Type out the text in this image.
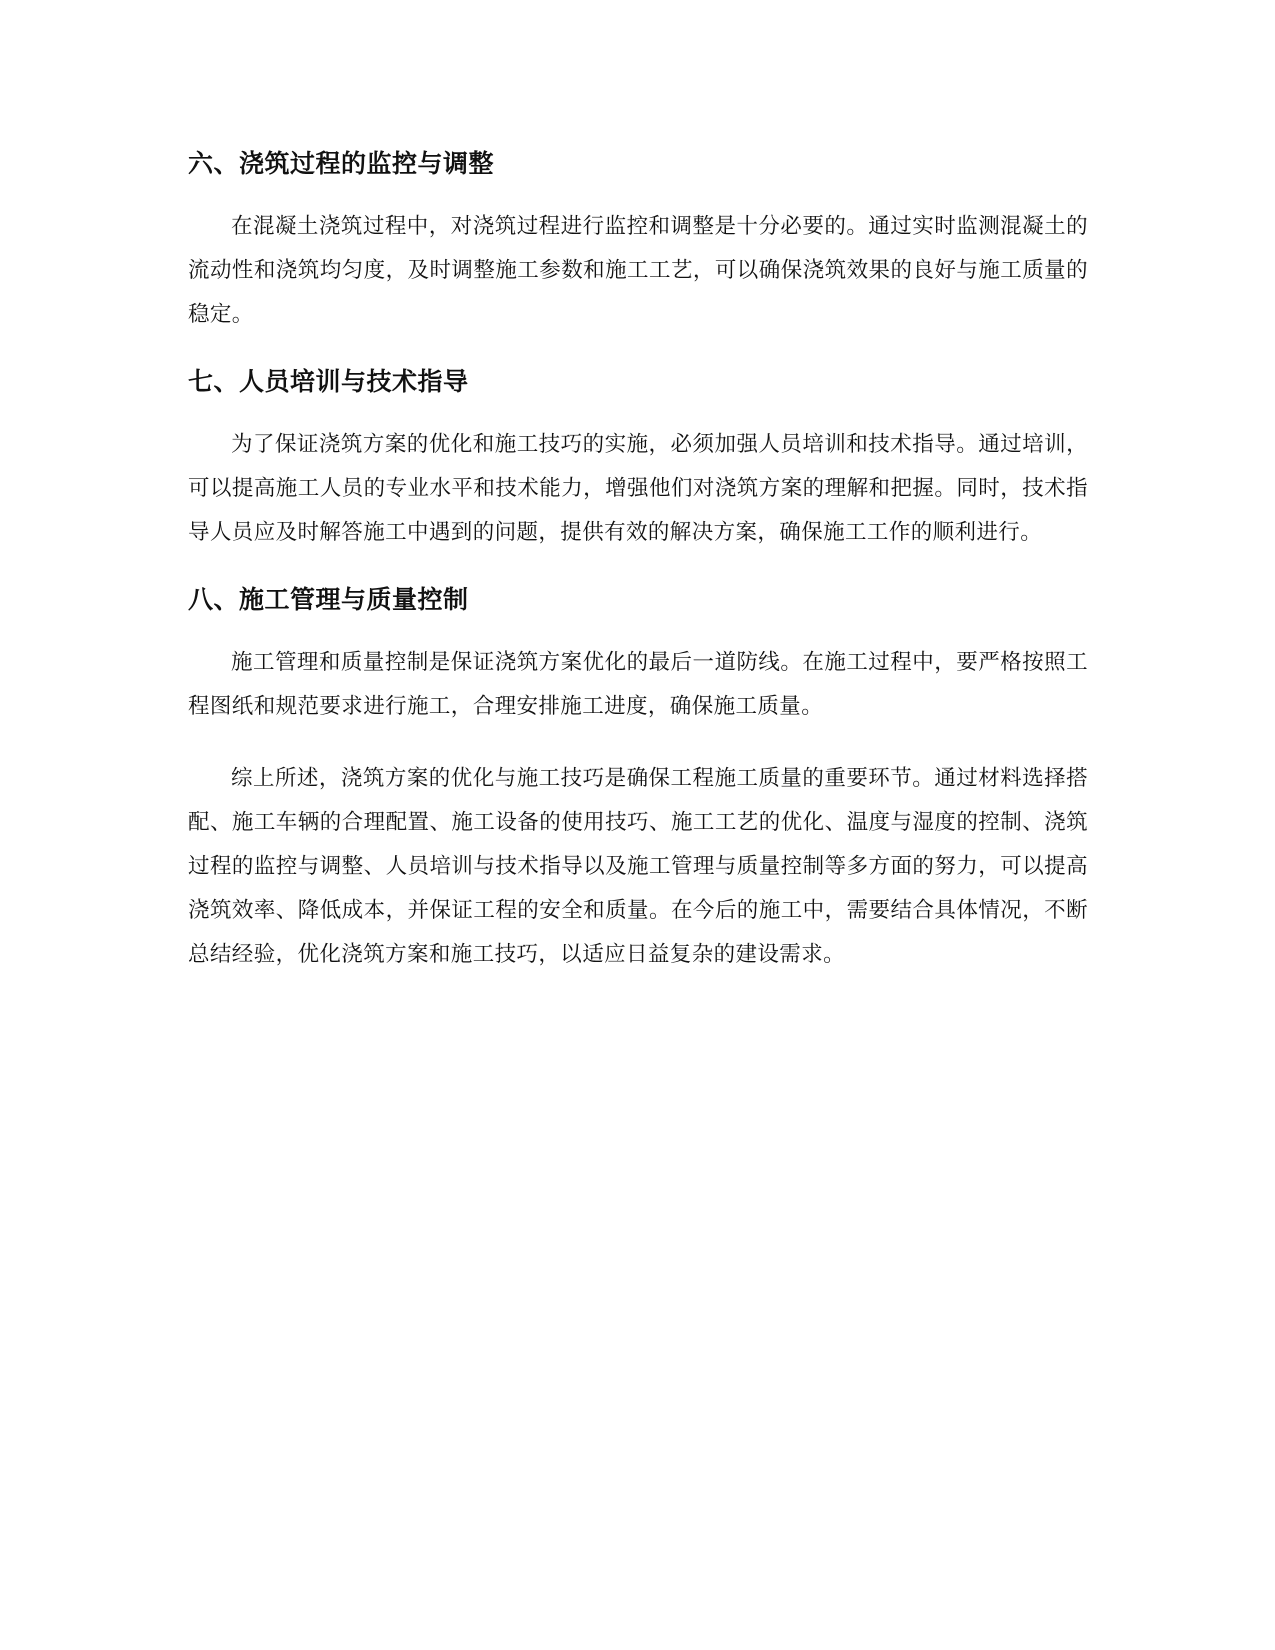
六、浇筑过程的监控与调整

在混凝土浇筑过程中，对浇筑过程进行监控和调整是十分必要的。通过实时监测混凝土的流动性和浇筑均匀度，及时调整施工参数和施工工艺，可以确保浇筑效果的良好与施工质量的稳定。

七、人员培训与技术指导

为了保证浇筑方案的优化和施工技巧的实施，必须加强人员培训和技术指导。通过培训，可以提高施工人员的专业水平和技术能力，增强他们对浇筑方案的理解和把握。同时，技术指导人员应及时解答施工中遇到的问题，提供有效的解决方案，确保施工工作的顺利进行。

八、施工管理与质量控制

施工管理和质量控制是保证浇筑方案优化的最后一道防线。在施工过程中，要严格按照工程图纸和规范要求进行施工，合理安排施工进度，确保施工质量。

综上所述，浇筑方案的优化与施工技巧是确保工程施工质量的重要环节。通过材料选择搭配、施工车辆的合理配置、施工设备的使用技巧、施工工艺的优化、温度与湿度的控制、浇筑过程的监控与调整、人员培训与技术指导以及施工管理与质量控制等多方面的努力，可以提高浇筑效率、降低成本，并保证工程的安全和质量。在今后的施工中，需要结合具体情况，不断总结经验，优化浇筑方案和施工技巧，以适应日益复杂的建设需求。
